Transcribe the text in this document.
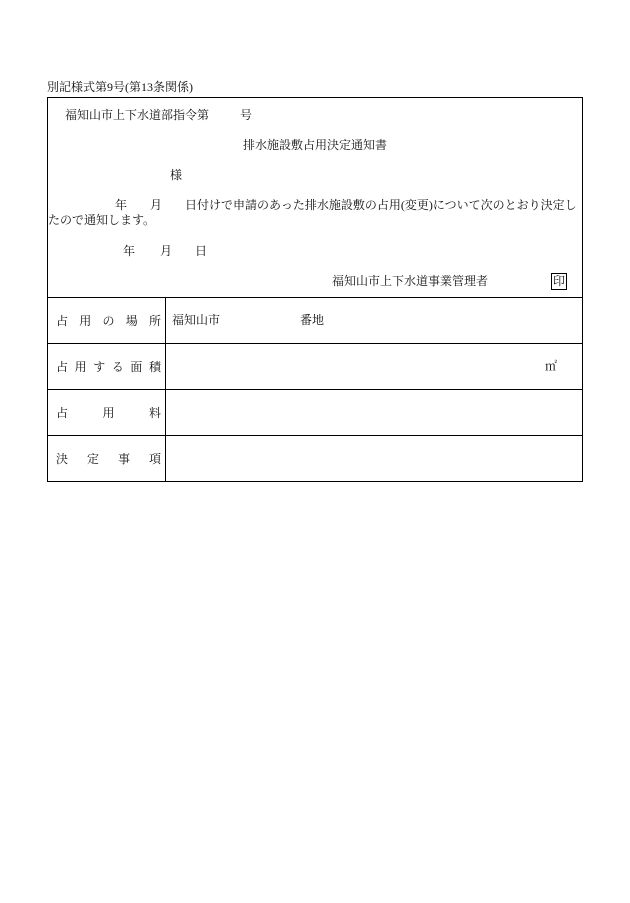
別記様式第9号(第13条関係)
福知山市上下水道部指令第	号
排水施設敷占用決定通知書
様
年 月 日付けで申請のあった排水施設敷の占用(変更)について次のとおり決定し
たので通知します。
年 月 日
福知山市上下水道事業管理者	印
占用の場所 福知山市	番地
占用する面積	㎡
占用料
決定事項
